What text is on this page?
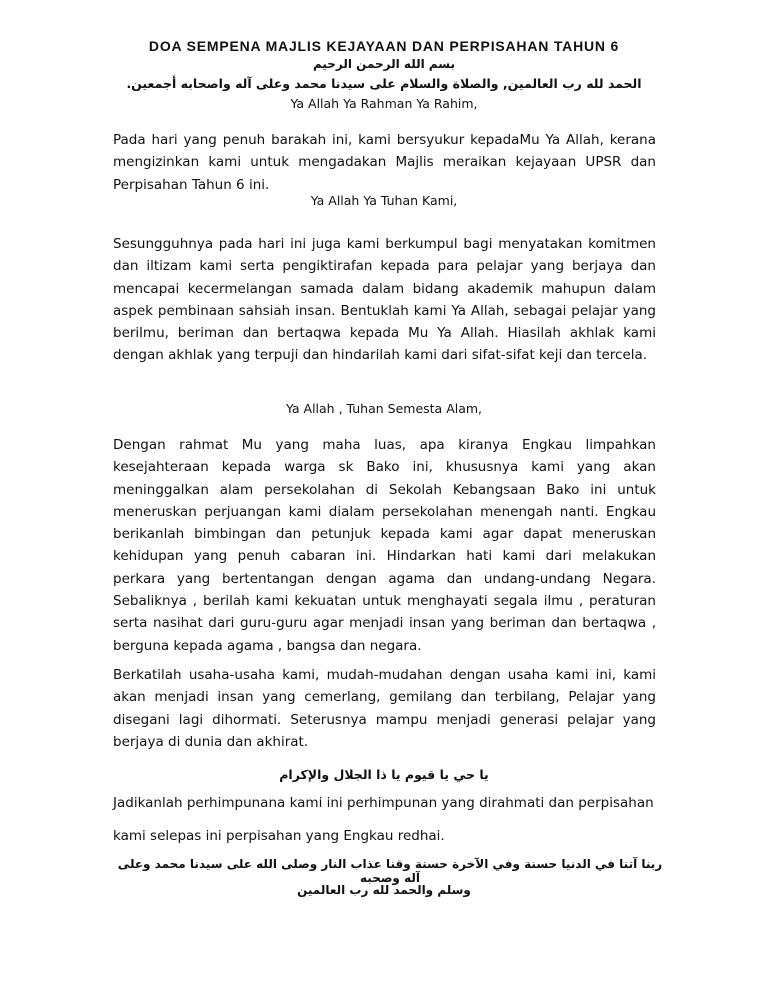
DOA SEMPENA MAJLIS KEJAYAAN DAN PERPISAHAN TAHUN 6
بسم الله الرحمن الرحيم
الحمد لله رب العالمين, والصلاة والسلام على سيدنا محمد وعلى آله واصحابه أجمعين.
Ya Allah Ya Rahman Ya Rahim,
Pada hari yang penuh barakah ini, kami bersyukur kepadaMu Ya Allah, kerana mengizinkan kami untuk mengadakan Majlis meraikan kejayaan UPSR dan Perpisahan Tahun 6 ini.
Ya Allah Ya Tuhan Kami,
Sesungguhnya pada hari ini juga kami berkumpul bagi menyatakan komitmen dan iltizam kami serta pengiktirafan kepada para pelajar yang berjaya dan mencapai kecermelangan samada dalam bidang akademik mahupun dalam aspek pembinaan sahsiah insan. Bentuklah kami Ya Allah, sebagai pelajar yang berilmu, beriman dan bertaqwa kepada Mu Ya Allah. Hiasilah akhlak kami dengan akhlak yang terpuji dan hindarilah kami dari sifat-sifat keji dan tercela.
Ya Allah , Tuhan Semesta Alam,
Dengan rahmat Mu yang maha luas, apa kiranya Engkau limpahkan kesejahteraan kepada warga sk Bako ini, khususnya kami yang akan meninggalkan alam persekolahan di Sekolah Kebangsaan Bako ini untuk meneruskan perjuangan kami dialam persekolahan menengah nanti. Engkau berikanlah bimbingan dan petunjuk kepada kami agar dapat meneruskan kehidupan yang penuh cabaran ini. Hindarkan hati kami dari melakukan perkara yang bertentangan dengan agama dan undang-undang Negara. Sebaliknya , berilah kami kekuatan untuk menghayati segala ilmu , peraturan serta nasihat dari guru-guru agar menjadi insan yang beriman dan bertaqwa , berguna kepada agama , bangsa dan negara.
Berkatilah usaha-usaha kami, mudah-mudahan dengan usaha kami ini, kami akan menjadi insan yang cemerlang, gemilang dan terbilang, Pelajar yang disegani lagi dihormati. Seterusnya mampu menjadi generasi pelajar yang berjaya di dunia dan akhirat.
يا حي يا قيوم يا ذا الجلال والإكرام
Jadikanlah perhimpunana kami ini perhimpunan yang dirahmati dan perpisahan
kami selepas ini perpisahan yang Engkau redhai.
ربنا آتنا في الدنيا حسنة وفي الآخرة حسنة وقنا عذاب النار وصلى الله على سيدنا محمد وعلى آله وصحبه
وسلم والحمد لله رب العالمين
